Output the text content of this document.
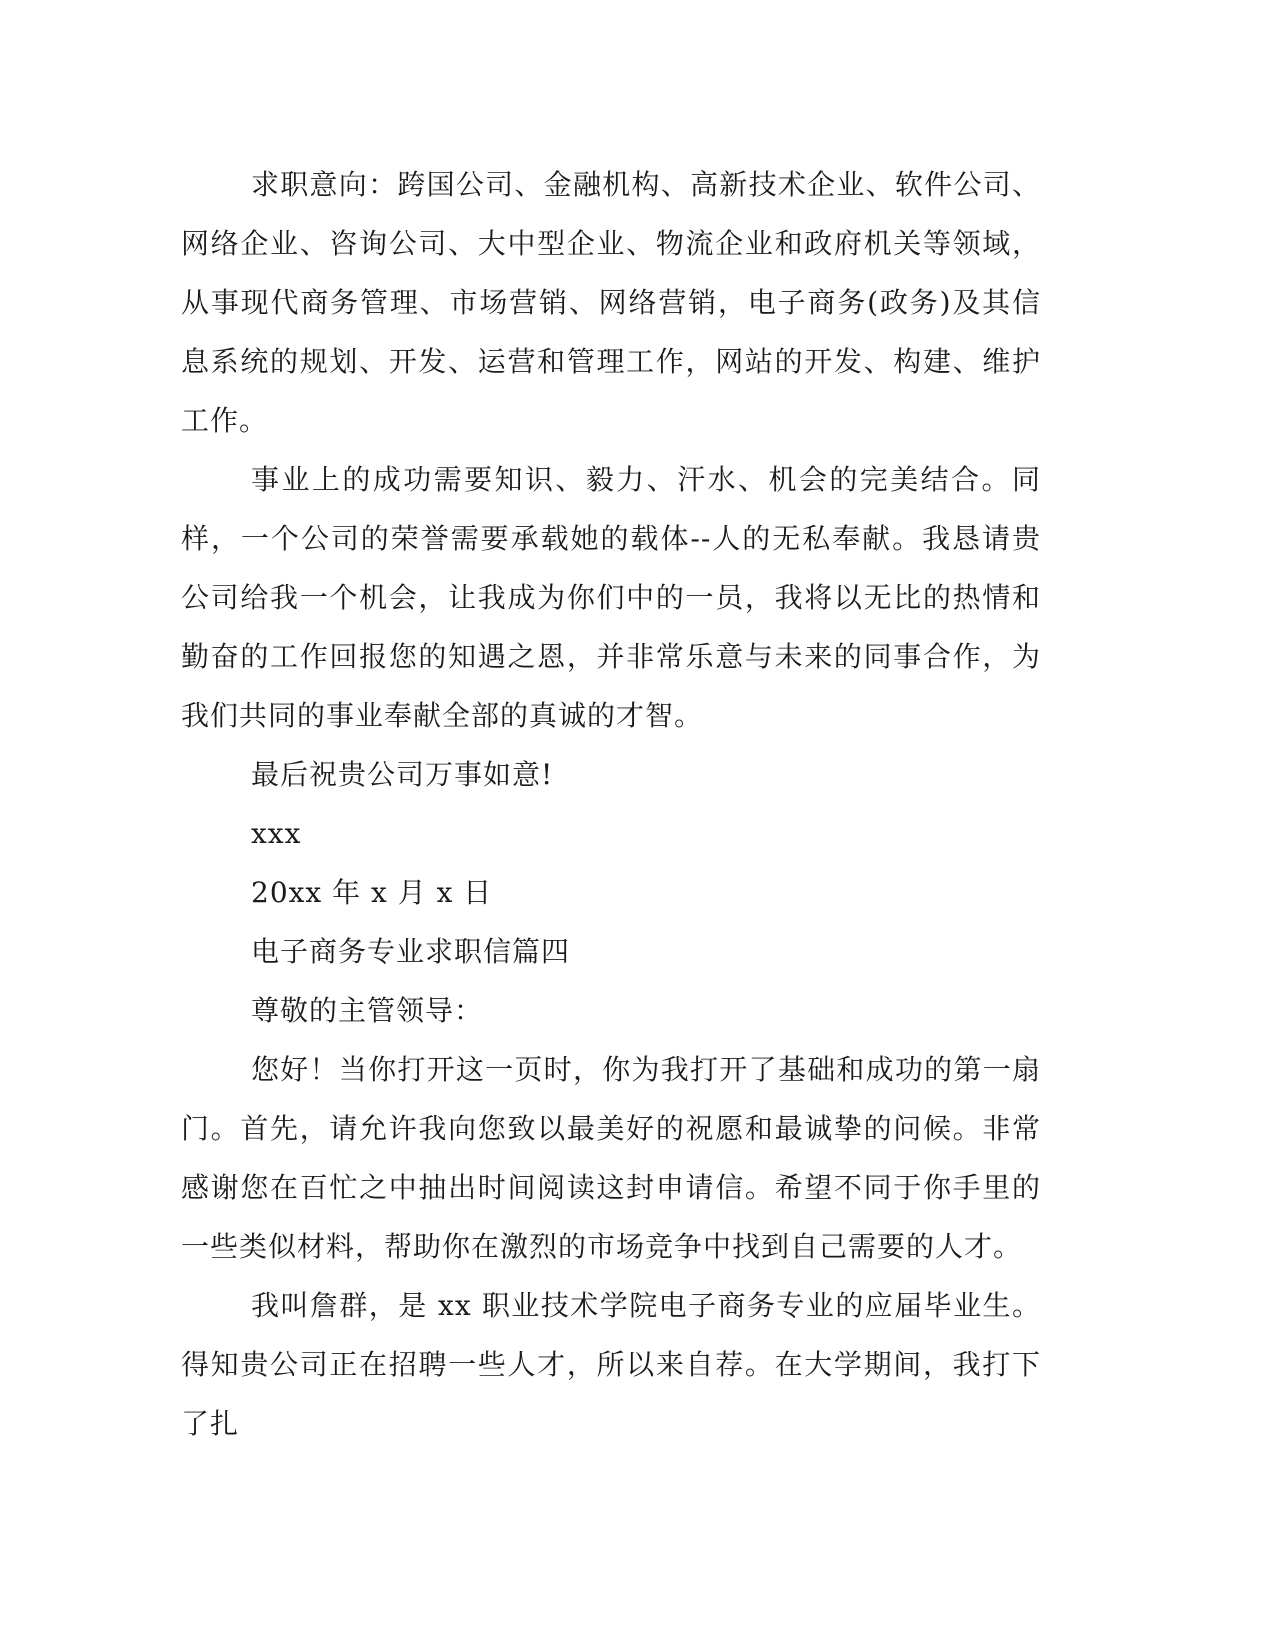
求职意向：跨国公司、金融机构、高新技术企业、软件公司、网络企业、咨询公司、大中型企业、物流企业和政府机关等领域，从事现代商务管理、市场营销、网络营销，电子商务(政务)及其信息系统的规划、开发、运营和管理工作，网站的开发、构建、维护工作。

事业上的成功需要知识、毅力、汗水、机会的完美结合。同样，一个公司的荣誉需要承载她的载体--人的无私奉献。我恳请贵公司给我一个机会，让我成为你们中的一员，我将以无比的热情和勤奋的工作回报您的知遇之恩，并非常乐意与未来的同事合作，为我们共同的事业奉献全部的真诚的才智。

最后祝贵公司万事如意!

xxx

20xx 年 x 月 x 日

电子商务专业求职信篇四

尊敬的主管领导：

您好！当你打开这一页时，你为我打开了基础和成功的第一扇门。首先，请允许我向您致以最美好的祝愿和最诚挚的问候。非常感谢您在百忙之中抽出时间阅读这封申请信。希望不同于你手里的一些类似材料，帮助你在激烈的市场竞争中找到自己需要的人才。

我叫詹群，是 xx 职业技术学院电子商务专业的应届毕业生。得知贵公司正在招聘一些人才，所以来自荐。在大学期间，我打下了扎
